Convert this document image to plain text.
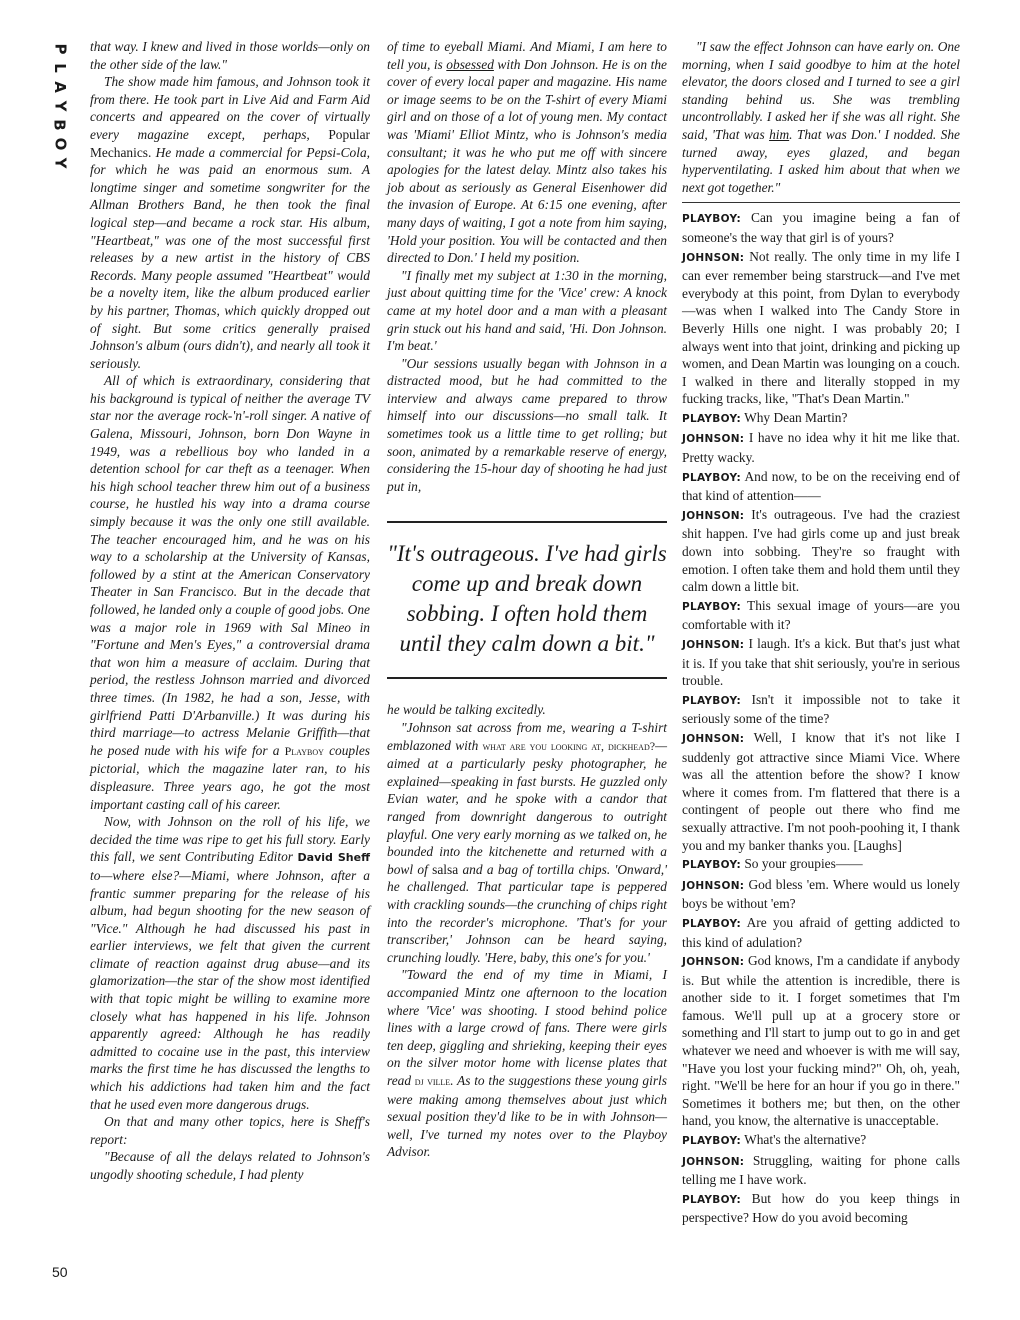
P
L
A
Y
B
O
Y
50

that way. I knew and lived in those worlds—only on the other side of the law."

The show made him famous, and Johnson took it from there. He took part in Live Aid and Farm Aid concerts and appeared on the cover of virtually every magazine except, perhaps, Popular Mechanics. He made a commercial for Pepsi-Cola, for which he was paid an enormous sum. A longtime singer and sometime songwriter for the Allman Brothers Band, he then took the final logical step—and became a rock star. His album, "Heartbeat," was one of the most successful first releases by a new artist in the history of CBS Records. Many people assumed "Heartbeat" would be a novelty item, like the album produced earlier by his partner, Thomas, which quickly dropped out of sight. But some critics generally praised Johnson's album (ours didn't), and nearly all took it seriously.

All of which is extraordinary, considering that his background is typical of neither the average TV star nor the average rock-'n'-roll singer. A native of Galena, Missouri, Johnson, born Don Wayne in 1949, was a rebellious boy who landed in a detention school for car theft as a teenager. When his high school teacher threw him out of a business course, he hustled his way into a drama course simply because it was the only one still available. The teacher encouraged him, and he was on his way to a scholarship at the University of Kansas, followed by a stint at the American Conservatory Theater in San Francisco. But in the decade that followed, he landed only a couple of good jobs. One was a major role in 1969 with Sal Mineo in "Fortune and Men's Eyes," a controversial drama that won him a measure of acclaim. During that period, the restless Johnson married and divorced three times. (In 1982, he had a son, Jesse, with girlfriend Patti D'Arbanville.) It was during his third marriage—to actress Melanie Griffith—that he posed nude with his wife for a Playboy couples pictorial, which the magazine later ran, to his displeasure. Three years ago, he got the most important casting call of his career.

Now, with Johnson on the roll of his life, we decided the time was ripe to get his full story. Early this fall, we sent Contributing Editor David Sheff to—where else?—Miami, where Johnson, after a frantic summer preparing for the release of his album, had begun shooting for the new season of "Vice." Although he had discussed his past in earlier interviews, we felt that given the current climate of reaction against drug abuse—and its glamorization—the star of the show most identified with that topic might be willing to examine more closely what has happened in his life. Johnson apparently agreed: Although he has readily admitted to cocaine use in the past, this interview marks the first time he has discussed the lengths to which his addictions had taken him and the fact that he used even more dangerous drugs.

On that and many other topics, here is Sheff's report:

"Because of all the delays related to Johnson's ungodly shooting schedule, I had plenty

of time to eyeball Miami. And Miami, I am here to tell you, is obsessed with Don Johnson. He is on the cover of every local paper and magazine. His name or image seems to be on the T-shirt of every Miami girl and on those of a lot of young men. My contact was 'Miami' Elliot Mintz, who is Johnson's media consultant; it was he who put me off with sincere apologies for the latest delay. Mintz also takes his job about as seriously as General Eisenhower did the invasion of Europe. At 6:15 one evening, after many days of waiting, I got a note from him saying, 'Hold your position. You will be contacted and then directed to Don.' I held my position.

"I finally met my subject at 1:30 in the morning, just about quitting time for the 'Vice' crew: A knock came at my hotel door and a man with a pleasant grin stuck out his hand and said, 'Hi. Don Johnson. I'm beat.'

"Our sessions usually began with Johnson in a distracted mood, but he had committed to the interview and always came prepared to throw himself into our discussions—no small talk. It sometimes took us a little time to get rolling; but soon, animated by a remarkable reserve of energy, considering the 15-hour day of shooting he had just put in,

"It's outrageous. I've had girls come up and break down sobbing. I often hold them until they calm down a bit."

he would be talking excitedly.

"Johnson sat across from me, wearing a T-shirt emblazoned with what are you looking at, dickhead?—aimed at a particularly pesky photographer, he explained—speaking in fast bursts. He guzzled only Evian water, and he spoke with a candor that ranged from downright dangerous to outright playful. One very early morning as we talked on, he bounded into the kitchenette and returned with a bowl of salsa and a bag of tortilla chips. 'Onward,' he challenged. That particular tape is peppered with crackling sounds—the crunching of chips right into the recorder's microphone. 'That's for your transcriber,' Johnson can be heard saying, crunching loudly. 'Here, baby, this one's for you.'

"Toward the end of my time in Miami, I accompanied Mintz one afternoon to the location where 'Vice' was shooting. I stood behind police lines with a large crowd of fans. There were girls ten deep, giggling and shrieking, keeping their eyes on the silver motor home with license plates that read dj ville. As to the suggestions these young girls were making among themselves about just which sexual position they'd like to be in with Johnson—well, I've turned my notes over to the Playboy Advisor.

"I saw the effect Johnson can have early on. One morning, when I said goodbye to him at the hotel elevator, the doors closed and I turned to see a girl standing behind us. She was trembling uncontrollably. I asked her if she was all right. She said, 'That was him. That was Don.' I nodded. She turned away, eyes glazed, and began hyperventilating. I asked him about that when we next got together."

PLAYBOY: Can you imagine being a fan of someone's the way that girl is of yours?

JOHNSON: Not really. The only time in my life I can ever remember being starstruck—and I've met everybody at this point, from Dylan to everybody—was when I walked into The Candy Store in Beverly Hills one night. I was probably 20; I always went into that joint, drinking and picking up women, and Dean Martin was lounging on a couch. I walked in there and literally stopped in my fucking tracks, like, "That's Dean Martin."

PLAYBOY: Why Dean Martin?

JOHNSON: I have no idea why it hit me like that. Pretty wacky.

PLAYBOY: And now, to be on the receiving end of that kind of attention——

JOHNSON: It's outrageous. I've had the craziest shit happen. I've had girls come up and just break down into sobbing. They're so fraught with emotion. I often take them and hold them until they calm down a little bit.

PLAYBOY: This sexual image of yours—are you comfortable with it?

JOHNSON: I laugh. It's a kick. But that's just what it is. If you take that shit seriously, you're in serious trouble.

PLAYBOY: Isn't it impossible not to take it seriously some of the time?

JOHNSON: Well, I know that it's not like I suddenly got attractive since Miami Vice. Where was all the attention before the show? I know where it comes from. I'm flattered that there is a contingent of people out there who find me sexually attractive. I'm not pooh-poohing it, I thank you and my banker thanks you. [Laughs]

PLAYBOY: So your groupies——

JOHNSON: God bless 'em. Where would us lonely boys be without 'em?

PLAYBOY: Are you afraid of getting addicted to this kind of adulation?

JOHNSON: God knows, I'm a candidate if anybody is. But while the attention is incredible, there is another side to it. I forget sometimes that I'm famous. We'll pull up at a grocery store or something and I'll start to jump out to go in and get whatever we need and whoever is with me will say, "Have you lost your fucking mind?" Oh, oh, yeah, right. "We'll be here for an hour if you go in there." Sometimes it bothers me; but then, on the other hand, you know, the alternative is unacceptable.

PLAYBOY: What's the alternative?

JOHNSON: Struggling, waiting for phone calls telling me I have work.

PLAYBOY: But how do you keep things in perspective? How do you avoid becoming
